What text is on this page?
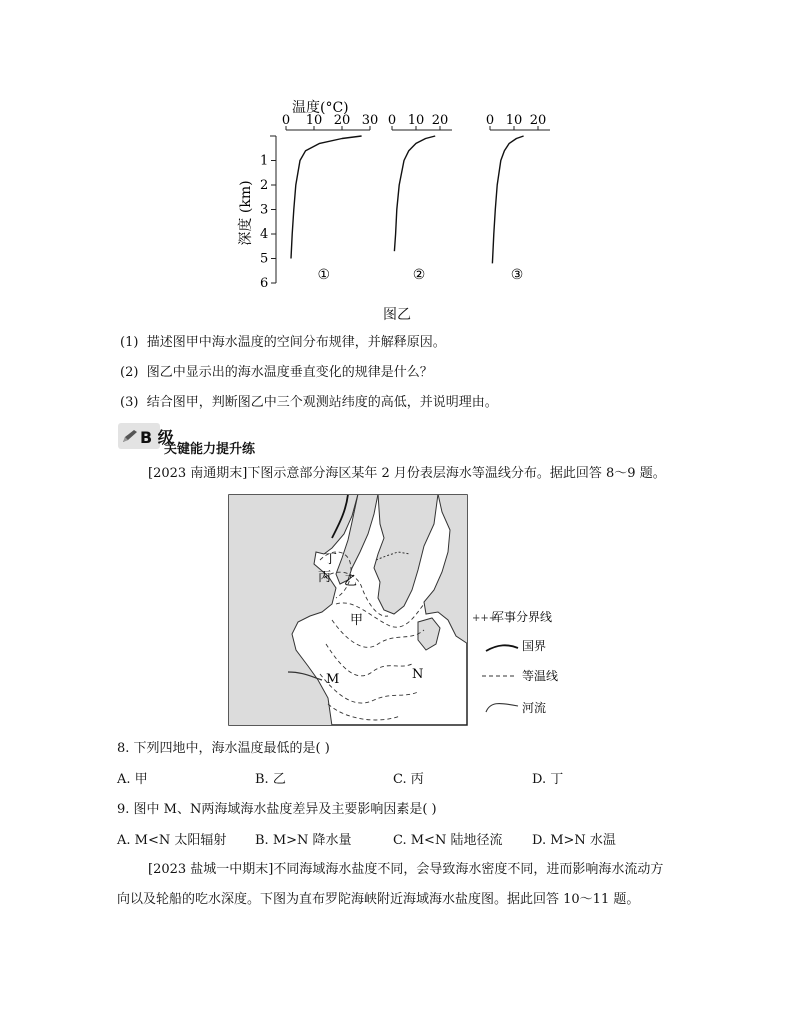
温度(°C)
深度 (km)
1
2
3
4
5
6
0 10 20 30
①
0 10 20
②
0 10 20
③
图乙
(1) 描述图甲中海水温度的空间分布规律，并解释原因。
(2) 图乙中显示出的海水温度垂直变化的规律是什么？
(3) 结合图甲，判断图乙中三个观测站纬度的高低，并说明理由。
B 级
关键能力提升练
[2023 南通期末]下图示意部分海区某年 2 月份表层海水等温线分布。据此回答 8～9 题。
丁
丙 乙
甲
M	N
+++
军事分界线
国界
等温线
河流
8. 下列四地中，海水温度最低的是( )
A. 甲	B. 乙	C. 丙	D. 丁
9. 图中 M、N两海域海水盐度差异及主要影响因素是( )
A. M<N 太阳辐射 B. M>N 降水量	C. M<N 陆地径流 D. M>N 水温
[2023 盐城一中期末]不同海域海水盐度不同，会导致海水密度不同，进而影响海水流动方
向以及轮船的吃水深度。下图为直布罗陀海峡附近海域海水盐度图。据此回答 10～11 题。
